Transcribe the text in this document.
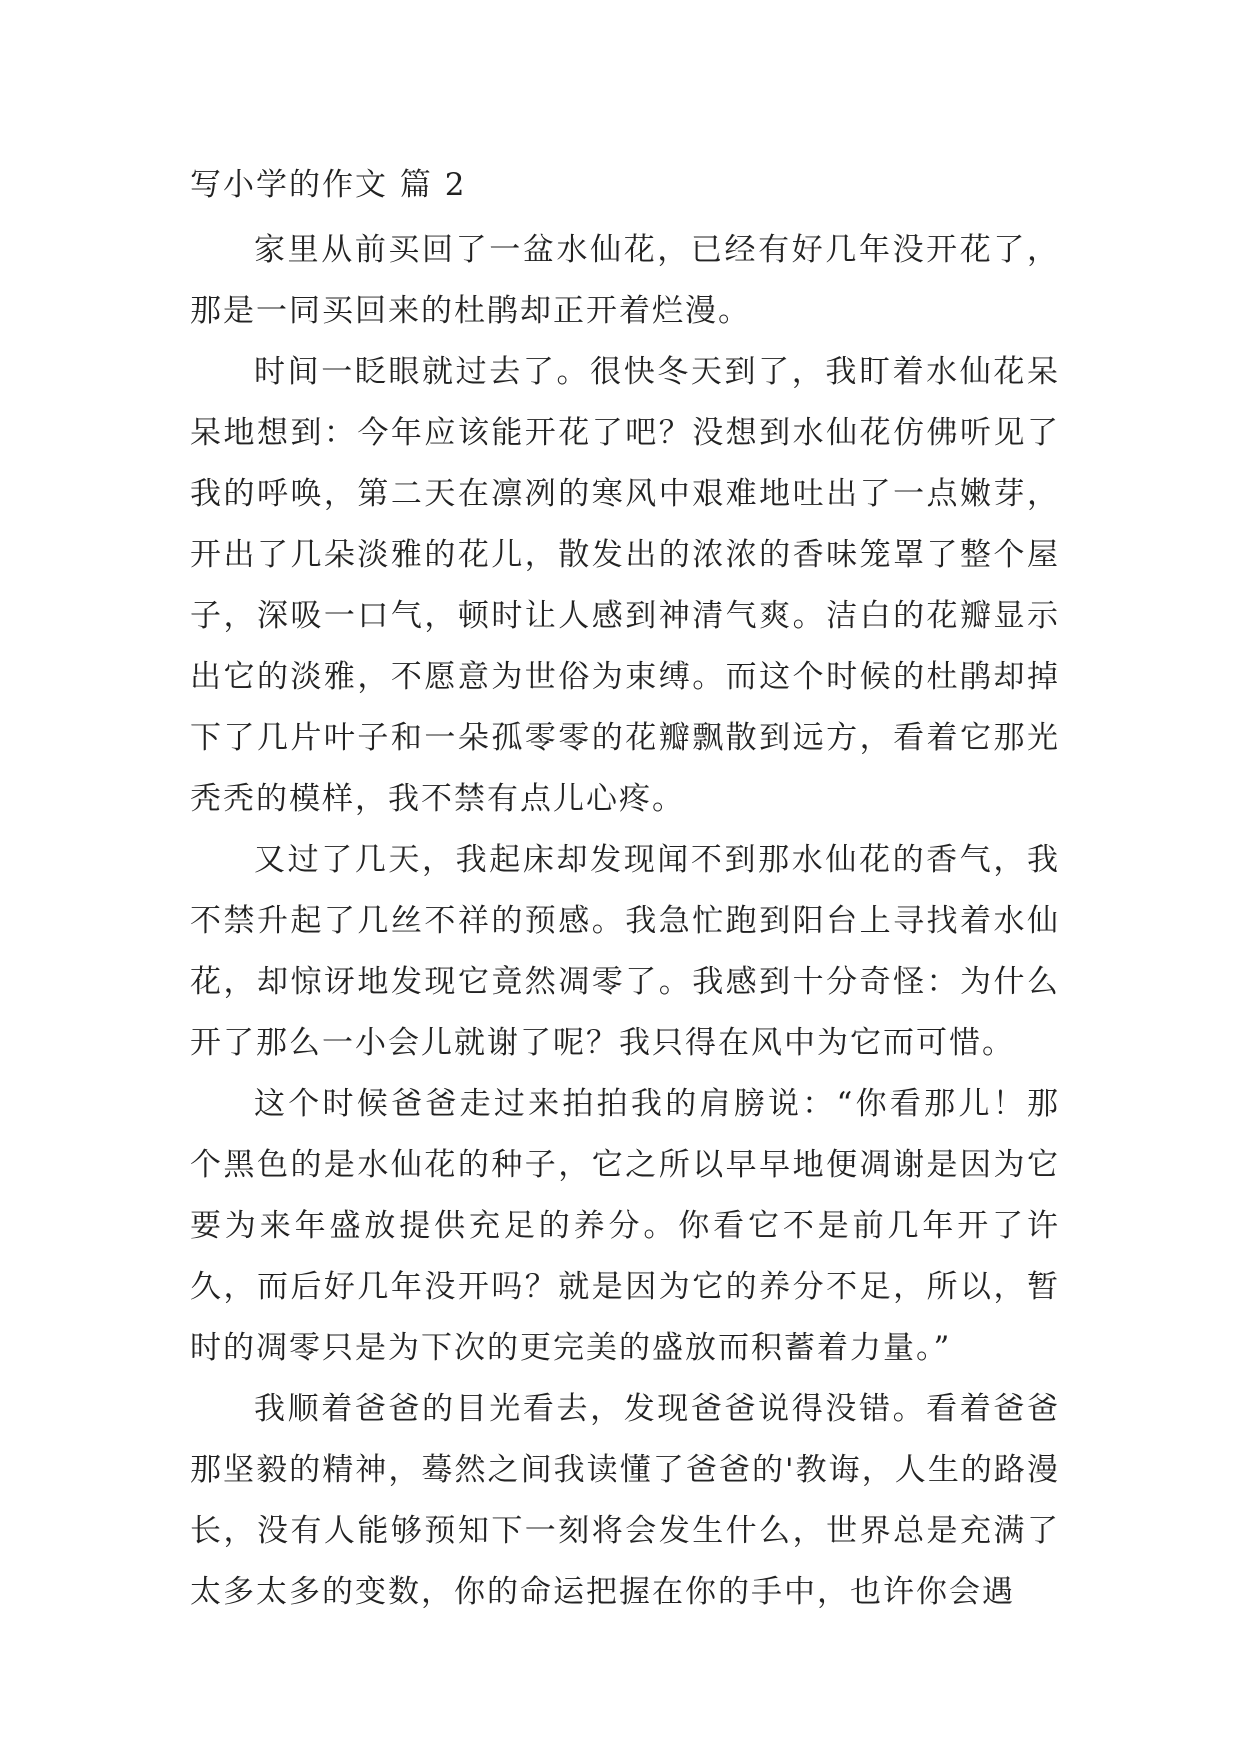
写小学的作文 篇 2

家里从前买回了一盆水仙花，已经有好几年没开花了，那是一同买回来的杜鹃却正开着烂漫。

时间一眨眼就过去了。很快冬天到了，我盯着水仙花呆呆地想到：今年应该能开花了吧？没想到水仙花仿佛听见了我的呼唤，第二天在凛冽的寒风中艰难地吐出了一点嫩芽，开出了几朵淡雅的花儿，散发出的浓浓的香味笼罩了整个屋子，深吸一口气，顿时让人感到神清气爽。洁白的花瓣显示出它的淡雅，不愿意为世俗为束缚。而这个时候的杜鹃却掉下了几片叶子和一朵孤零零的花瓣飘散到远方，看着它那光秃秃的模样，我不禁有点儿心疼。

又过了几天，我起床却发现闻不到那水仙花的香气，我不禁升起了几丝不祥的预感。我急忙跑到阳台上寻找着水仙花，却惊讶地发现它竟然凋零了。我感到十分奇怪：为什么开了那么一小会儿就谢了呢？我只得在风中为它而可惜。

这个时候爸爸走过来拍拍我的肩膀说：“你看那儿！那个黑色的是水仙花的种子，它之所以早早地便凋谢是因为它要为来年盛放提供充足的养分。你看它不是前几年开了许久，而后好几年没开吗？就是因为它的养分不足，所以，暂时的凋零只是为下次的更完美的盛放而积蓄着力量。”

我顺着爸爸的目光看去，发现爸爸说得没错。看着爸爸那坚毅的精神，蓦然之间我读懂了爸爸的'教诲，人生的路漫长，没有人能够预知下一刻将会发生什么，世界总是充满了太多太多的变数，你的命运把握在你的手中，也许你会遇
